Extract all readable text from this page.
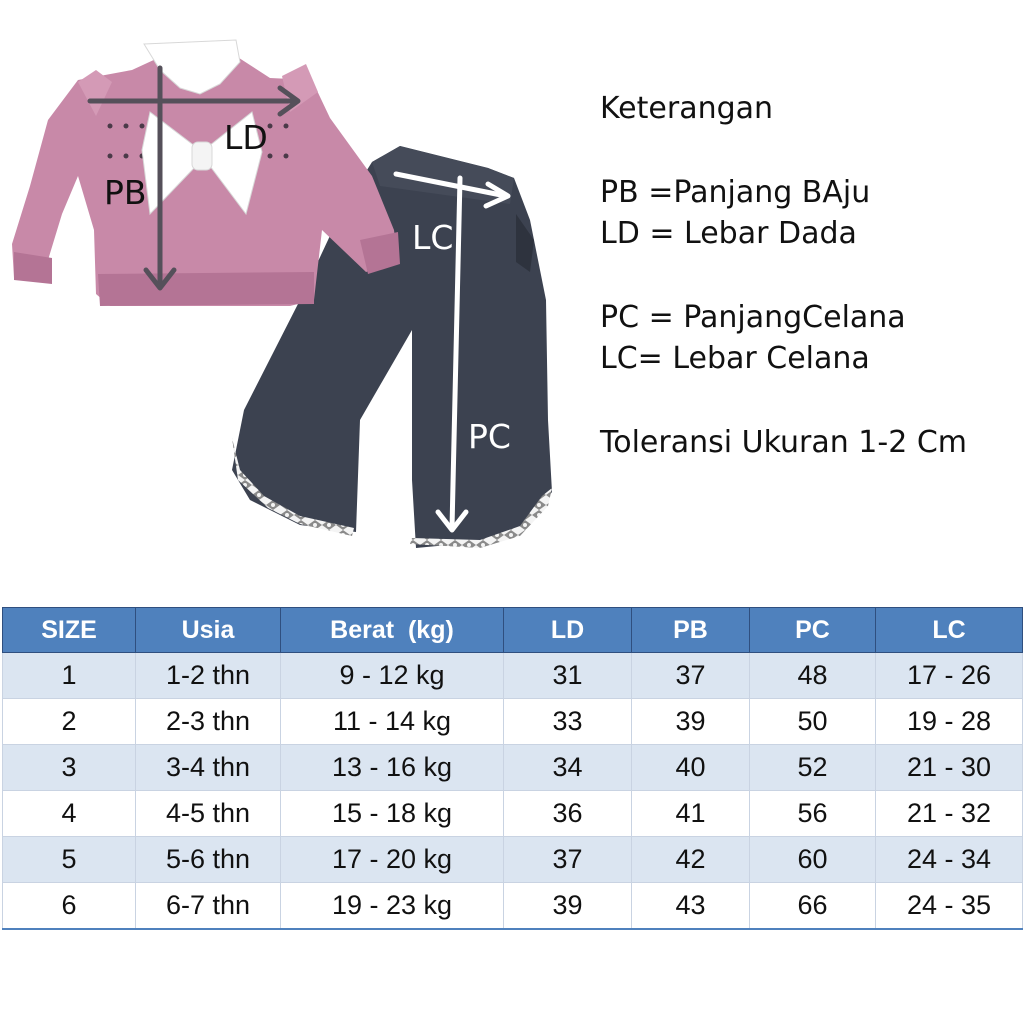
PB
LD
LC
PC
Keterangan
PB =Panjang BAju
LD = Lebar Dada
PC = PanjangCelana
LC= Lebar Celana
Toleransi Ukuran 1-2 Cm
SIZE	Usia	Berat  (kg)	LD	PB	PC	LC
1	1-2 thn	9 - 12 kg	31	37	48	17 - 26
2	2-3 thn	11 - 14 kg	33	39	50	19 - 28
3	3-4 thn	13 - 16 kg	34	40	52	21 - 30
4	4-5 thn	15 - 18 kg	36	41	56	21 - 32
5	5-6 thn	17 - 20 kg	37	42	60	24 - 34
6	6-7 thn	19 - 23 kg	39	43	66	24 - 35
